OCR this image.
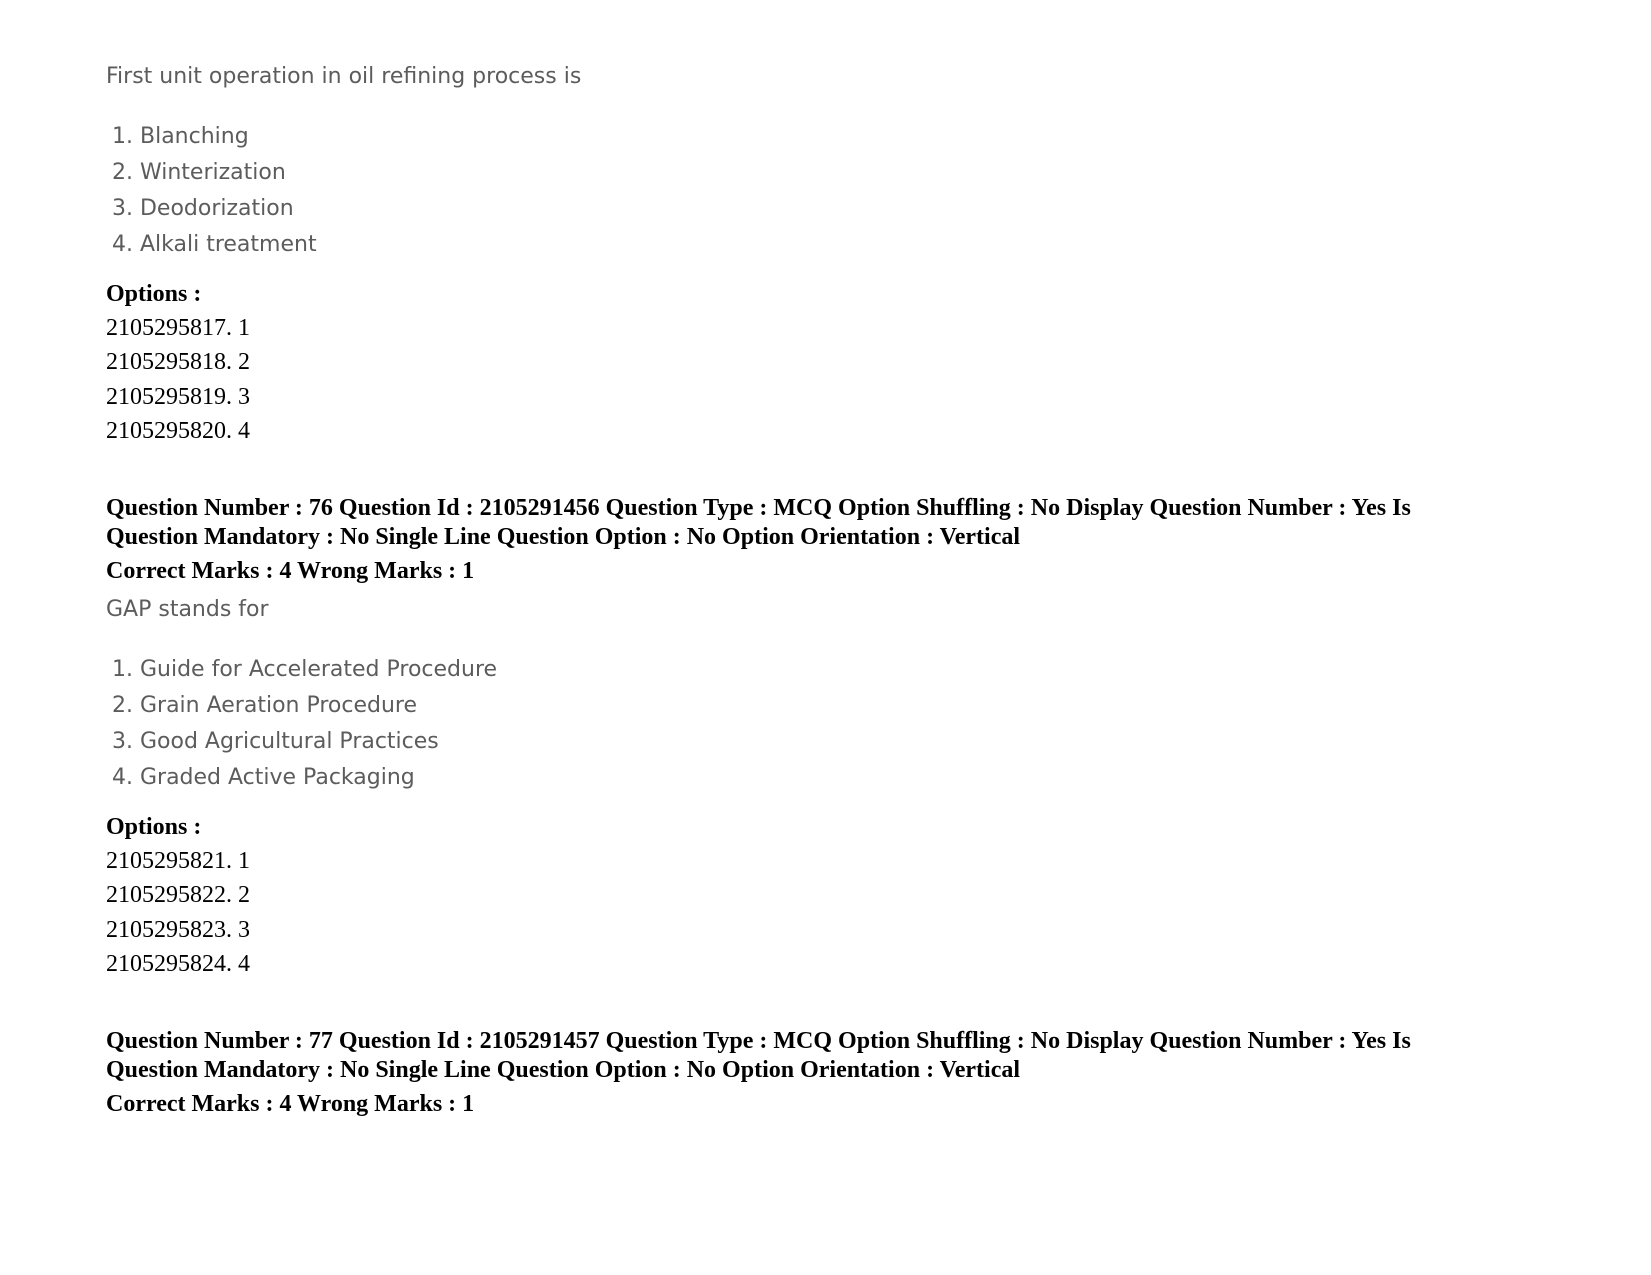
First unit operation in oil refining process is
1. Blanching
2. Winterization
3. Deodorization
4. Alkali treatment
Options :
2105295817. 1
2105295818. 2
2105295819. 3
2105295820. 4
Question Number : 76 Question Id : 2105291456 Question Type : MCQ Option Shuffling : No Display Question Number : Yes Is
Question Mandatory : No Single Line Question Option : No Option Orientation : Vertical
Correct Marks : 4 Wrong Marks : 1
GAP stands for
1. Guide for Accelerated Procedure
2. Grain Aeration Procedure
3. Good Agricultural Practices
4. Graded Active Packaging
Options :
2105295821. 1
2105295822. 2
2105295823. 3
2105295824. 4
Question Number : 77 Question Id : 2105291457 Question Type : MCQ Option Shuffling : No Display Question Number : Yes Is
Question Mandatory : No Single Line Question Option : No Option Orientation : Vertical
Correct Marks : 4 Wrong Marks : 1
